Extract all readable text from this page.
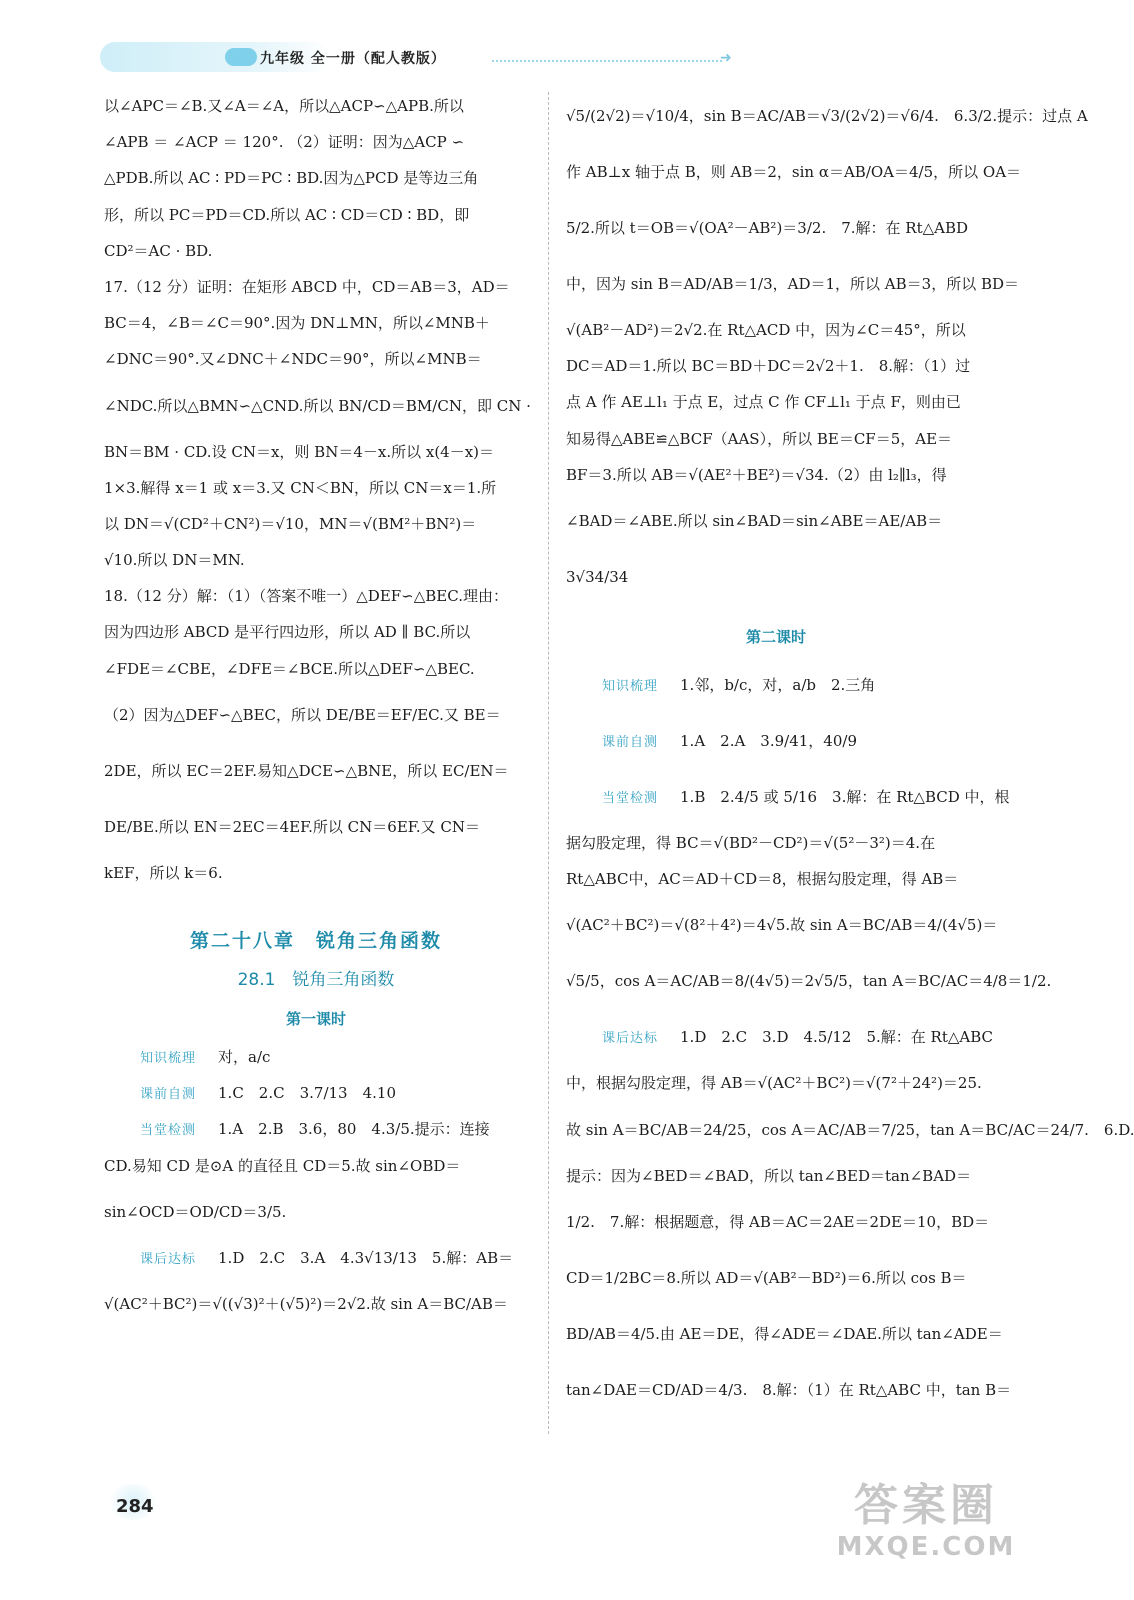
九年级 全一册（配人教版）	➜
以∠APC＝∠B.又∠A＝∠A，所以△ACP∽△APB.所以
∠APB ＝ ∠ACP ＝ 120°. （2）证明：因为△ACP ∽
△PDB.所以 AC ∶ PD＝PC ∶ BD.因为△PCD 是等边三角
形，所以 PC＝PD＝CD.所以 AC ∶ CD＝CD ∶ BD，即
CD²＝AC · BD.
17.（12 分）证明：在矩形 ABCD 中，CD＝AB＝3，AD＝
BC＝4，∠B＝∠C＝90°.因为 DN⊥MN，所以∠MNB＋
∠DNC＝90°.又∠DNC＋∠NDC＝90°，所以∠MNB＝
∠NDC.所以△BMN∽△CND.所以 BN/CD＝BM/CN，即 CN ·
BN＝BM · CD.设 CN＝x，则 BN＝4－x.所以 x(4－x)＝
1×3.解得 x＝1 或 x＝3.又 CN＜BN，所以 CN＝x＝1.所
以 DN＝√(CD²＋CN²)＝√10，MN＝√(BM²＋BN²)＝
√10.所以 DN＝MN.
18.（12 分）解：（1）（答案不唯一）△DEF∽△BEC.理由：
因为四边形 ABCD 是平行四边形，所以 AD ∥ BC.所以
∠FDE＝∠CBE，∠DFE＝∠BCE.所以△DEF∽△BEC.
（2）因为△DEF∽△BEC，所以 DE/BE＝EF/EC.又 BE＝
2DE，所以 EC＝2EF.易知△DCE∽△BNE，所以 EC/EN＝
DE/BE.所以 EN＝2EC＝4EF.所以 CN＝6EF.又 CN＝
kEF，所以 k＝6.
第二十八章　锐角三角函数
28.1　锐角三角函数
第一课时
知识梳理 对，a/c
课前自测 1.C　2.C　3.7/13　4.10
当堂检测 1.A　2.B　3.6，80　4.3/5.提示：连接
CD.易知 CD 是⊙A 的直径且 CD＝5.故 sin∠OBD＝
sin∠OCD＝OD/CD＝3/5.
课后达标 1.D　2.C　3.A　4.3√13/13　5.解：AB＝
√(AC²＋BC²)＝√((√3)²＋(√5)²)＝2√2.故 sin A＝BC/AB＝
√5/(2√2)＝√10/4，sin B＝AC/AB＝√3/(2√2)＝√6/4.　6.3/2.提示：过点 A
作 AB⊥x 轴于点 B，则 AB＝2，sin α＝AB/OA＝4/5，所以 OA＝
5/2.所以 t＝OB＝√(OA²－AB²)＝3/2.　7.解：在 Rt△ABD
中，因为 sin B＝AD/AB＝1/3，AD＝1，所以 AB＝3，所以 BD＝
√(AB²－AD²)＝2√2.在 Rt△ACD 中，因为∠C＝45°，所以
DC＝AD＝1.所以 BC＝BD＋DC＝2√2＋1.　8.解：（1）过
点 A 作 AE⊥l₁ 于点 E，过点 C 作 CF⊥l₁ 于点 F，则由已
知易得△ABE≌△BCF（AAS），所以 BE＝CF＝5，AE＝
BF＝3.所以 AB＝√(AE²＋BE²)＝√34.（2）由 l₂∥l₃，得
∠BAD＝∠ABE.所以 sin∠BAD＝sin∠ABE＝AE/AB＝
3√34/34
第二课时
知识梳理 1.邻，b/c，对，a/b　2.三角
课前自测 1.A　2.A　3.9/41，40/9
当堂检测 1.B　2.4/5 或 5/16　3.解：在 Rt△BCD 中，根
据勾股定理，得 BC＝√(BD²－CD²)＝√(5²－3²)＝4.在
Rt△ABC中，AC＝AD＋CD＝8，根据勾股定理，得 AB＝
√(AC²＋BC²)＝√(8²＋4²)＝4√5.故 sin A＝BC/AB＝4/(4√5)＝
√5/5，cos A＝AC/AB＝8/(4√5)＝2√5/5，tan A＝BC/AC＝4/8＝1/2.
课后达标 1.D　2.C　3.D　4.5/12　5.解：在 Rt△ABC
中，根据勾股定理，得 AB＝√(AC²＋BC²)＝√(7²＋24²)＝25.
故 sin A＝BC/AB＝24/25，cos A＝AC/AB＝7/25，tan A＝BC/AC＝24/7.　6.D.
提示：因为∠BED＝∠BAD，所以 tan∠BED＝tan∠BAD＝
1/2.　7.解：根据题意，得 AB＝AC＝2AE＝2DE＝10，BD＝
CD＝1/2BC＝8.所以 AD＝√(AB²－BD²)＝6.所以 cos B＝
BD/AB＝4/5.由 AE＝DE，得∠ADE＝∠DAE.所以 tan∠ADE＝
tan∠DAE＝CD/AD＝4/3.　8.解：（1）在 Rt△ABC 中，tan B＝
284	答案圈
MXQE.COM
